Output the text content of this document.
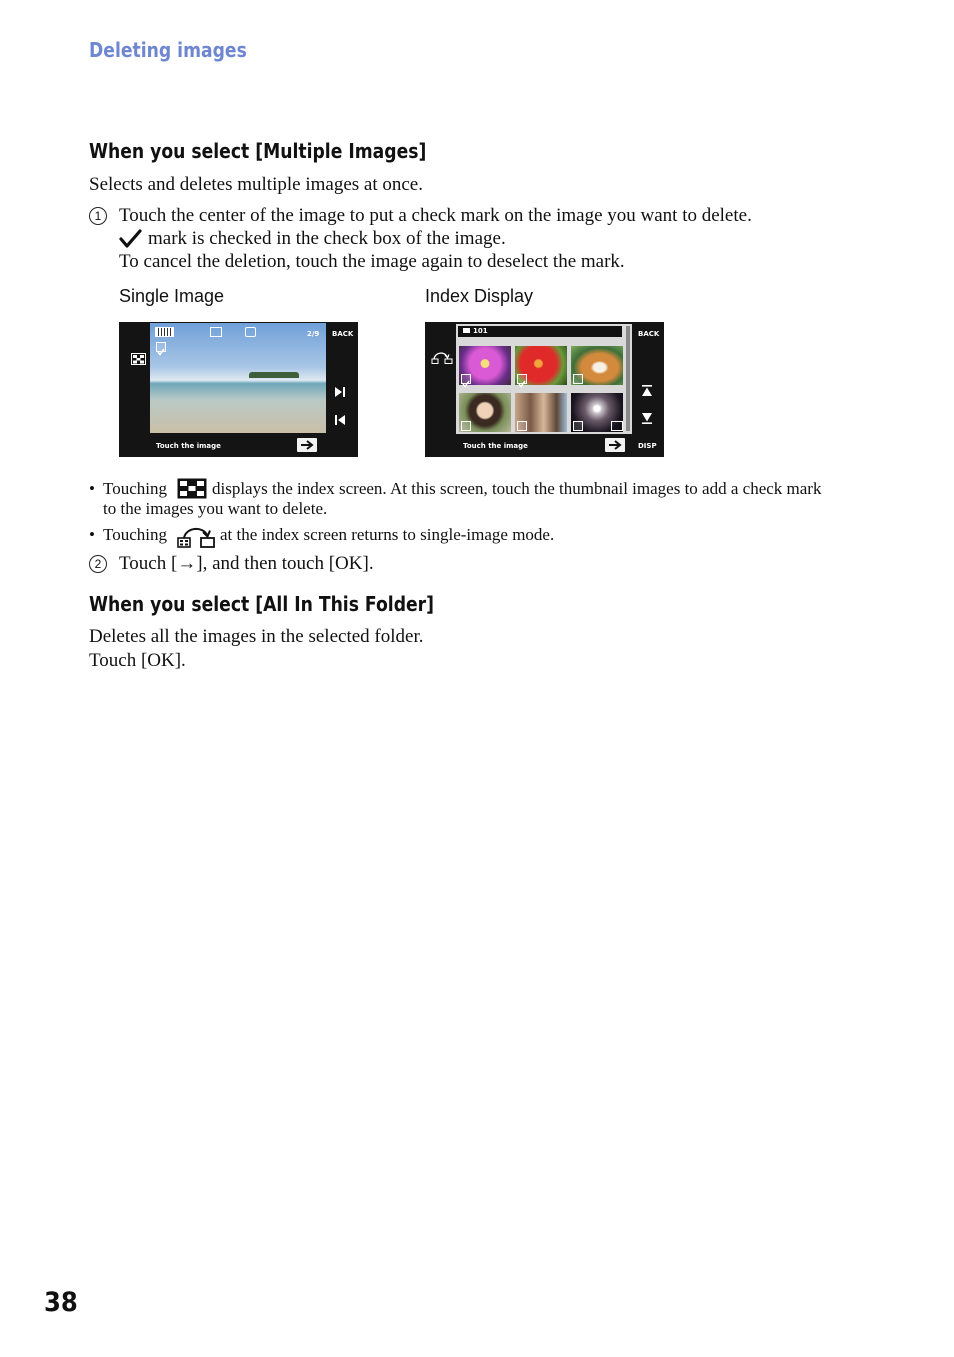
Deleting images
When you select [Multiple Images]
Selects and deletes multiple images at once.
1 Touch the center of the image to put a check mark on the image you want to delete.
mark is checked in the check box of the image.
To cancel the deletion, touch the image again to deselect the mark.
Single Image	Index Display
2/9 BACK
Touch the image
101	BACK
DISP
Touch the image
• Touching	displays the index screen. At this screen, touch the thumbnail images to add a check mark
to the images you want to delete.
• Touching	at the index screen returns to single-image mode.
2 Touch [→], and then touch [OK].
When you select [All In This Folder]
Deletes all the images in the selected folder.
Touch [OK].
38
